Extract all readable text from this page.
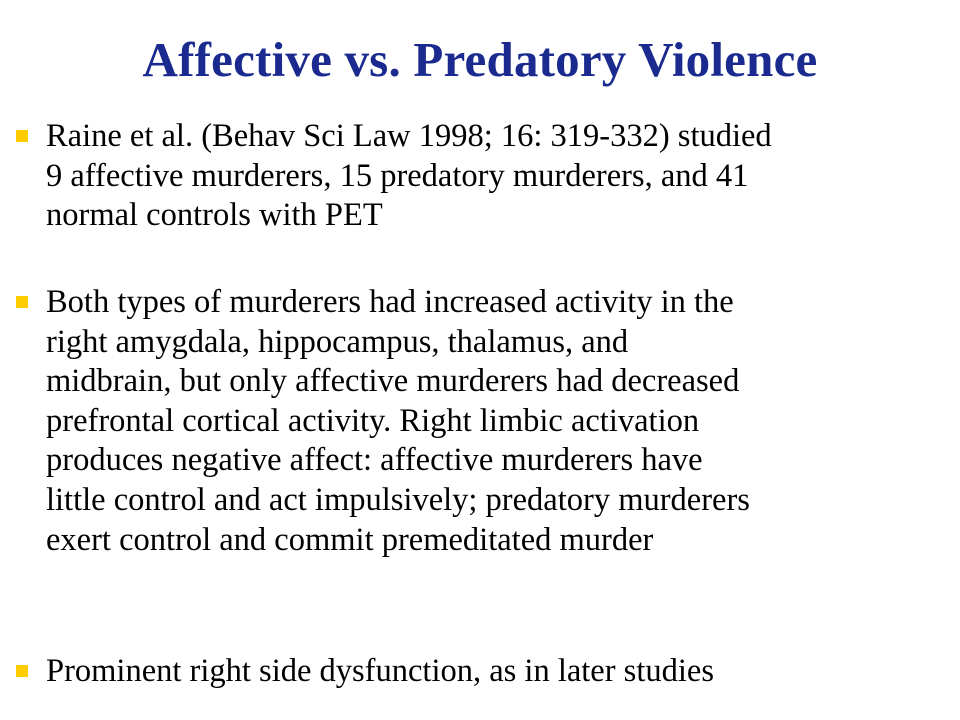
Affective vs. Predatory Violence

Raine et al. (Behav Sci Law 1998; 16: 319-332) studied
9 affective murderers, 15 predatory murderers, and 41
normal controls with PET

Both types of murderers had increased activity in the
right amygdala, hippocampus, thalamus, and
midbrain, but only affective murderers had decreased
prefrontal cortical activity. Right limbic activation
produces negative affect: affective murderers have
little control and act impulsively; predatory murderers
exert control and commit premeditated murder

Prominent right side dysfunction, as in later studies
